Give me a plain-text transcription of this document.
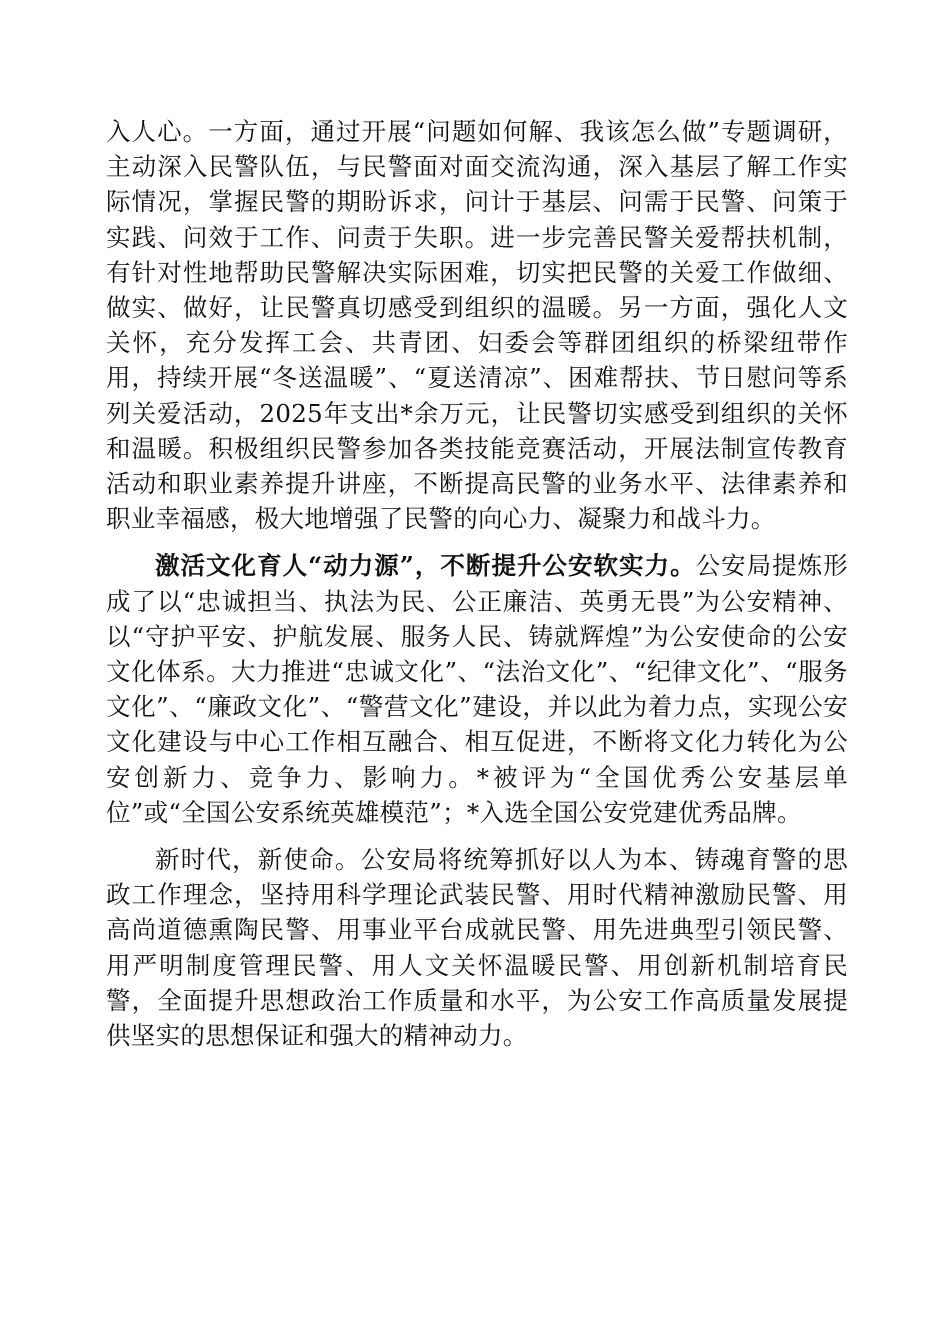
入人心。一方面，通过开展“问题如何解、我该怎么做”专题调研，主动深入民警队伍，与民警面对面交流沟通，深入基层了解工作实际情况，掌握民警的期盼诉求，问计于基层、问需于民警、问策于实践、问效于工作、问责于失职。进一步完善民警关爱帮扶机制，有针对性地帮助民警解决实际困难，切实把民警的关爱工作做细、做实、做好，让民警真切感受到组织的温暖。另一方面，强化人文关怀，充分发挥工会、共青团、妇委会等群团组织的桥梁纽带作用，持续开展“冬送温暖”、“夏送清凉”、困难帮扶、节日慰问等系列关爱活动，2025年支出*余万元，让民警切实感受到组织的关怀和温暖。积极组织民警参加各类技能竞赛活动，开展法制宣传教育活动和职业素养提升讲座，不断提高民警的业务水平、法律素养和职业幸福感，极大地增强了民警的向心力、凝聚力和战斗力。

激活文化育人“动力源”，不断提升公安软实力。公安局提炼形成了以“忠诚担当、执法为民、公正廉洁、英勇无畏”为公安精神、以“守护平安、护航发展、服务人民、铸就辉煌”为公安使命的公安文化体系。大力推进“忠诚文化”、“法治文化”、“纪律文化”、“服务文化”、“廉政文化”、“警营文化”建设，并以此为着力点，实现公安文化建设与中心工作相互融合、相互促进，不断将文化力转化为公安创新力、竞争力、影响力。*被评为“全国优秀公安基层单位”或“全国公安系统英雄模范”；*入选全国公安党建优秀品牌。

新时代，新使命。公安局将统筹抓好以人为本、铸魂育警的思政工作理念，坚持用科学理论武装民警、用时代精神激励民警、用高尚道德熏陶民警、用事业平台成就民警、用先进典型引领民警、用严明制度管理民警、用人文关怀温暖民警、用创新机制培育民警，全面提升思想政治工作质量和水平，为公安工作高质量发展提供坚实的思想保证和强大的精神动力。
